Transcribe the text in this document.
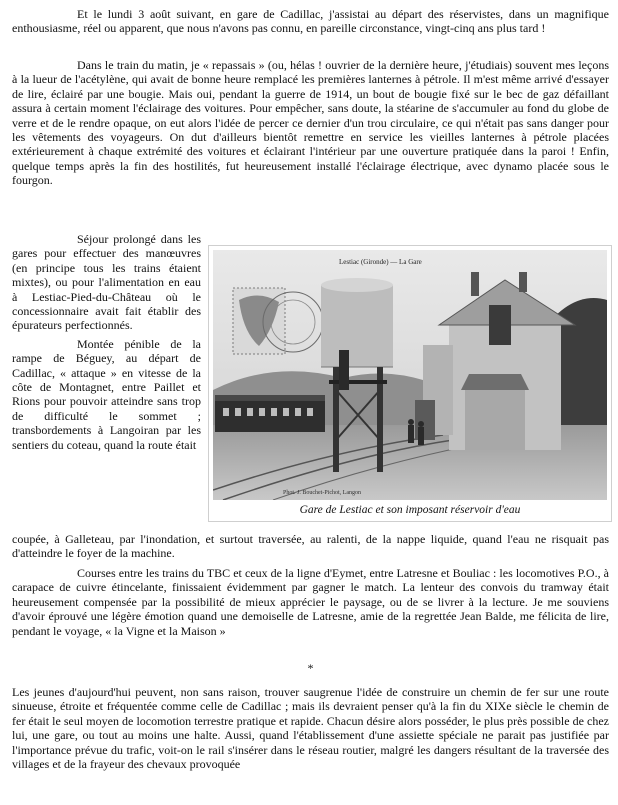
Et le lundi 3 août suivant, en gare de Cadillac, j'assistai au départ des réservistes, dans un magnifique enthousiasme, réel ou apparent, que nous n'avons pas connu, en pareille circonstance, vingt-cinq ans plus tard !

Dans le train du matin, je « repassais » (ou, hélas ! ouvrier de la dernière heure, j'étudiais) souvent mes leçons à la lueur de l'acétylène, qui avait de bonne heure remplacé les premières lanternes à pétrole. Il m'est même arrivé d'essayer de lire, éclairé par une bougie. Mais oui, pendant la guerre de 1914, un bout de bougie fixé sur le bec de gaz défaillant assura à certain moment l'éclairage des voitures. Pour empêcher, sans doute, la stéarine de s'accumuler au fond du globe de verre et de le rendre opaque, on eut alors l'idée de percer ce dernier d'un trou circulaire, ce qui n'était pas sans danger pour les vêtements des voyageurs. On dut d'ailleurs bientôt remettre en service les vieilles lanternes à pétrole placées extérieurement à chaque extrémité des voitures et éclairant l'intérieur par une ouverture pratiquée dans la paroi ! Enfin, quelque temps après la fin des hostilités, fut heureusement installé l'éclairage électrique, avec dynamo placée sous le fourgon.

Séjour prolongé dans les gares pour effectuer des manœuvres (en principe tous les trains étaient mixtes), ou pour l'alimentation en eau à Lestiac-Pied-du-Château où le concessionnaire avait fait établir des épurateurs perfectionnés.

Montée pénible de la rampe de Béguey, au départ de Cadillac, « attaque » en vitesse de la côte de Montagnet, entre Paillet et Rions pour pouvoir atteindre sans trop de difficulté le sommet ; transbordements à Langoiran par les sentiers du coteau, quand la route était

Lestiac (Gironde) — La Gare
Phot. J. Bouchet-Pichot, Langon
Gare de Lestiac et son imposant réservoir d'eau

coupée, à Galleteau, par l'inondation, et surtout traversée, au ralenti, de la nappe liquide, quand l'eau ne risquait pas d'atteindre le foyer de la machine.

Courses entre les trains du TBC et ceux de la ligne d'Eymet, entre Latresne et Bouliac : les locomotives P.O., à carapace de cuivre étincelante, finissaient évidemment par gagner le match. La lenteur des convois du tramway était heureusement compensée par la possibilité de mieux apprécier le paysage, ou de se livrer à la lecture. Je me souviens d'avoir éprouvé une légère émotion quand une demoiselle de Latresne, amie de la regrettée Jean Balde, me félicita de lire, pendant le voyage, « la Vigne et la Maison »

*

Les jeunes d'aujourd'hui peuvent, non sans raison, trouver saugrenue l'idée de construire un chemin de fer sur une route sinueuse, étroite et fréquentée comme celle de Cadillac ; mais ils devraient penser qu'à la fin du XIXe siècle le chemin de fer était le seul moyen de locomotion terrestre pratique et rapide. Chacun désire alors posséder, le plus près possible de chez lui, une gare, ou tout au moins une halte. Aussi, quand l'établissement d'une assiette spéciale ne parait pas justifiée par l'importance prévue du trafic, voit-on le rail s'insérer dans le réseau routier, malgré les dangers résultant de la traversée des villages et de la frayeur des chevaux provoquée
